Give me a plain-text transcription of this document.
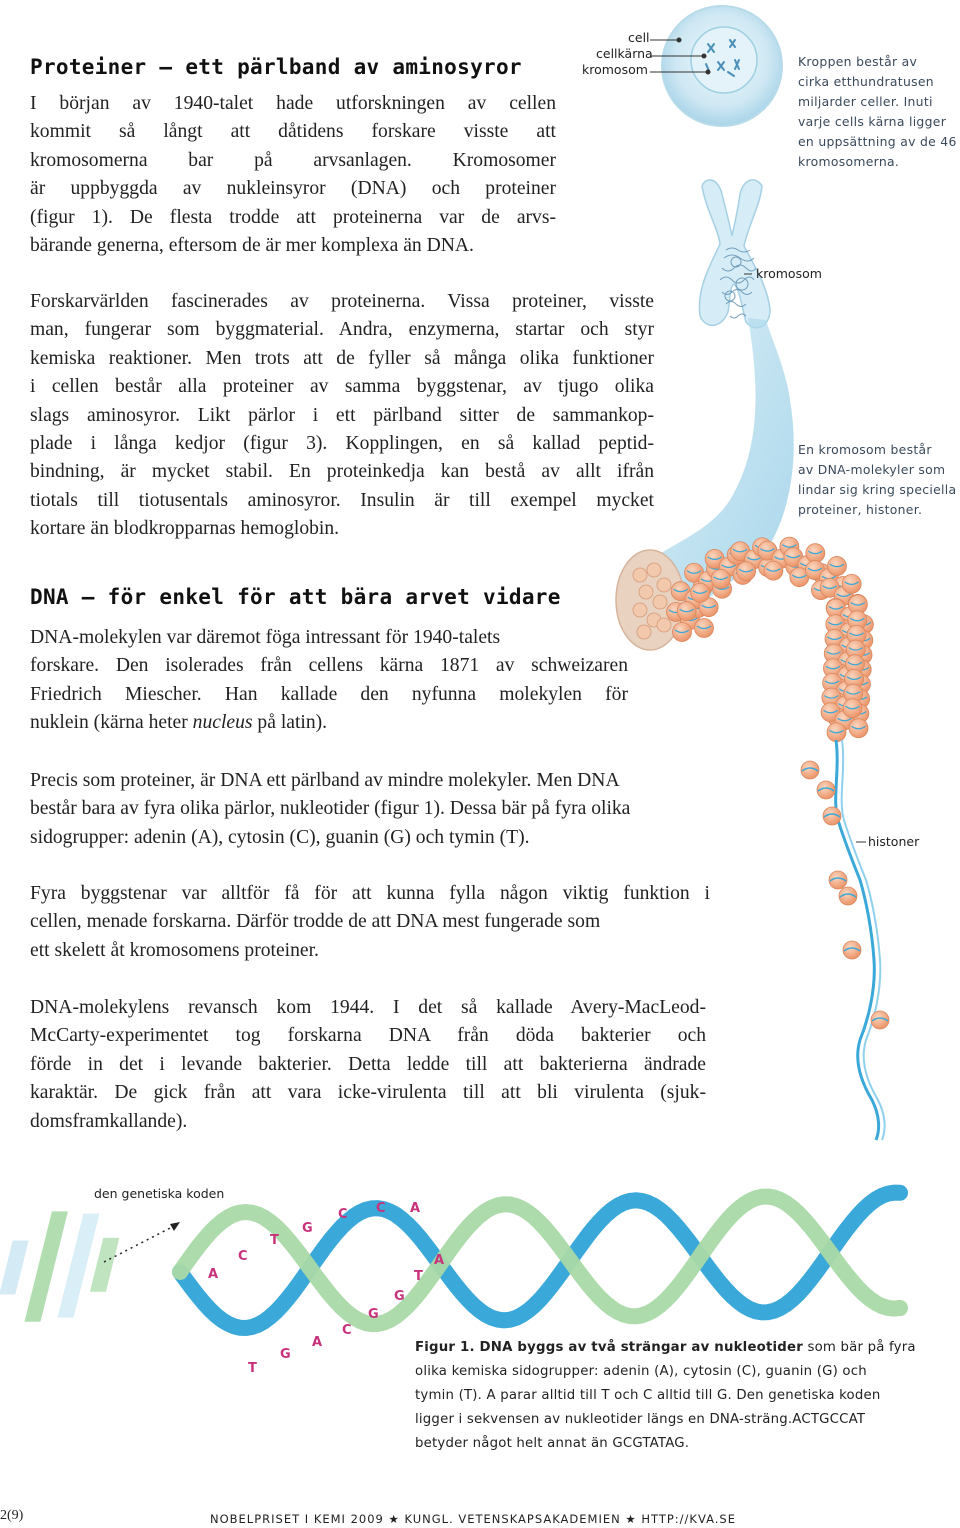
A
C
T
G
C C A
T
G
A
C
G
G
T
A
Proteiner – ett pärlband av aminosyror
I början av 1940-talet hade utforskningen av cellen
kommit så långt att dåtidens forskare visste att
kromosomerna bar på arvsanlagen. Kromosomer
är uppbyggda av nukleinsyror (DNA) och proteiner
(figur 1). De flesta trodde att proteinerna var de arvs-
bärande generna, eftersom de är mer komplexa än DNA.
Forskarvärlden fascinerades av proteinerna. Vissa proteiner, visste
man, fungerar som byggmaterial. Andra, enzymerna, startar och styr
kemiska reaktioner. Men trots att de fyller så många olika funktioner
i cellen består alla proteiner av samma byggstenar, av tjugo olika
slags aminosyror. Likt pärlor i ett pärlband sitter de sammankop-
plade i långa kedjor (figur 3). Kopplingen, en så kallad peptid-
bindning, är mycket stabil. En proteinkedja kan bestå av allt ifrån
tiotals till tiotusentals aminosyror. Insulin är till exempel mycket
kortare än blodkropparnas hemoglobin.
DNA – för enkel för att bära arvet vidare
DNA-molekylen var däremot föga intressant för 1940-talets
forskare. Den isolerades från cellens kärna 1871 av schweizaren
Friedrich Miescher. Han kallade den nyfunna molekylen för
nuklein (kärna heter nucleus på latin).
Precis som proteiner, är DNA ett pärlband av mindre molekyler. Men DNA
består bara av fyra olika pärlor, nukleotider (figur 1). Dessa bär på fyra olika
sidogrupper: adenin (A), cytosin (C), guanin (G) och tymin (T).
Fyra byggstenar var alltför få för att kunna fylla någon viktig funktion i
cellen, menade forskarna. Därför trodde de att DNA mest fungerade som
ett skelett åt kromosomens proteiner.
DNA-molekylens revansch kom 1944. I det så kallade Avery-MacLeod-
McCarty-experimentet tog forskarna DNA från döda bakterier och
förde in det i levande bakterier. Detta ledde till att bakterierna ändrade
karaktär. De gick från att vara icke-virulenta till att bli virulenta (sjuk-
domsframkallande).
cell
cellkärna
kromosom
Kroppen består av
cirka etthundratusen
miljarder celler. Inuti
varje cells kärna ligger
en uppsättning av de 46
kromosomerna.
kromosom
En kromosom består
av DNA-molekyler som
lindar sig kring speciella
proteiner, histoner.
histoner
den genetiska koden
Figur 1. DNA byggs av två strängar av nukleotider som bär på fyra
olika kemiska sidogrupper: adenin (A), cytosin (C), guanin (G) och
tymin (T). A parar alltid till T och C alltid till G. Den genetiska koden
ligger i sekvensen av nukleotider längs en DNA-sträng.ACTGCCAT
betyder något helt annat än GCGTATAG.
2(9)	NOBELPRISET I KEMI 2009 ★ KUNGL. VETENSKAPSAKADEMIEN ★ HTTP://KVA.SE
